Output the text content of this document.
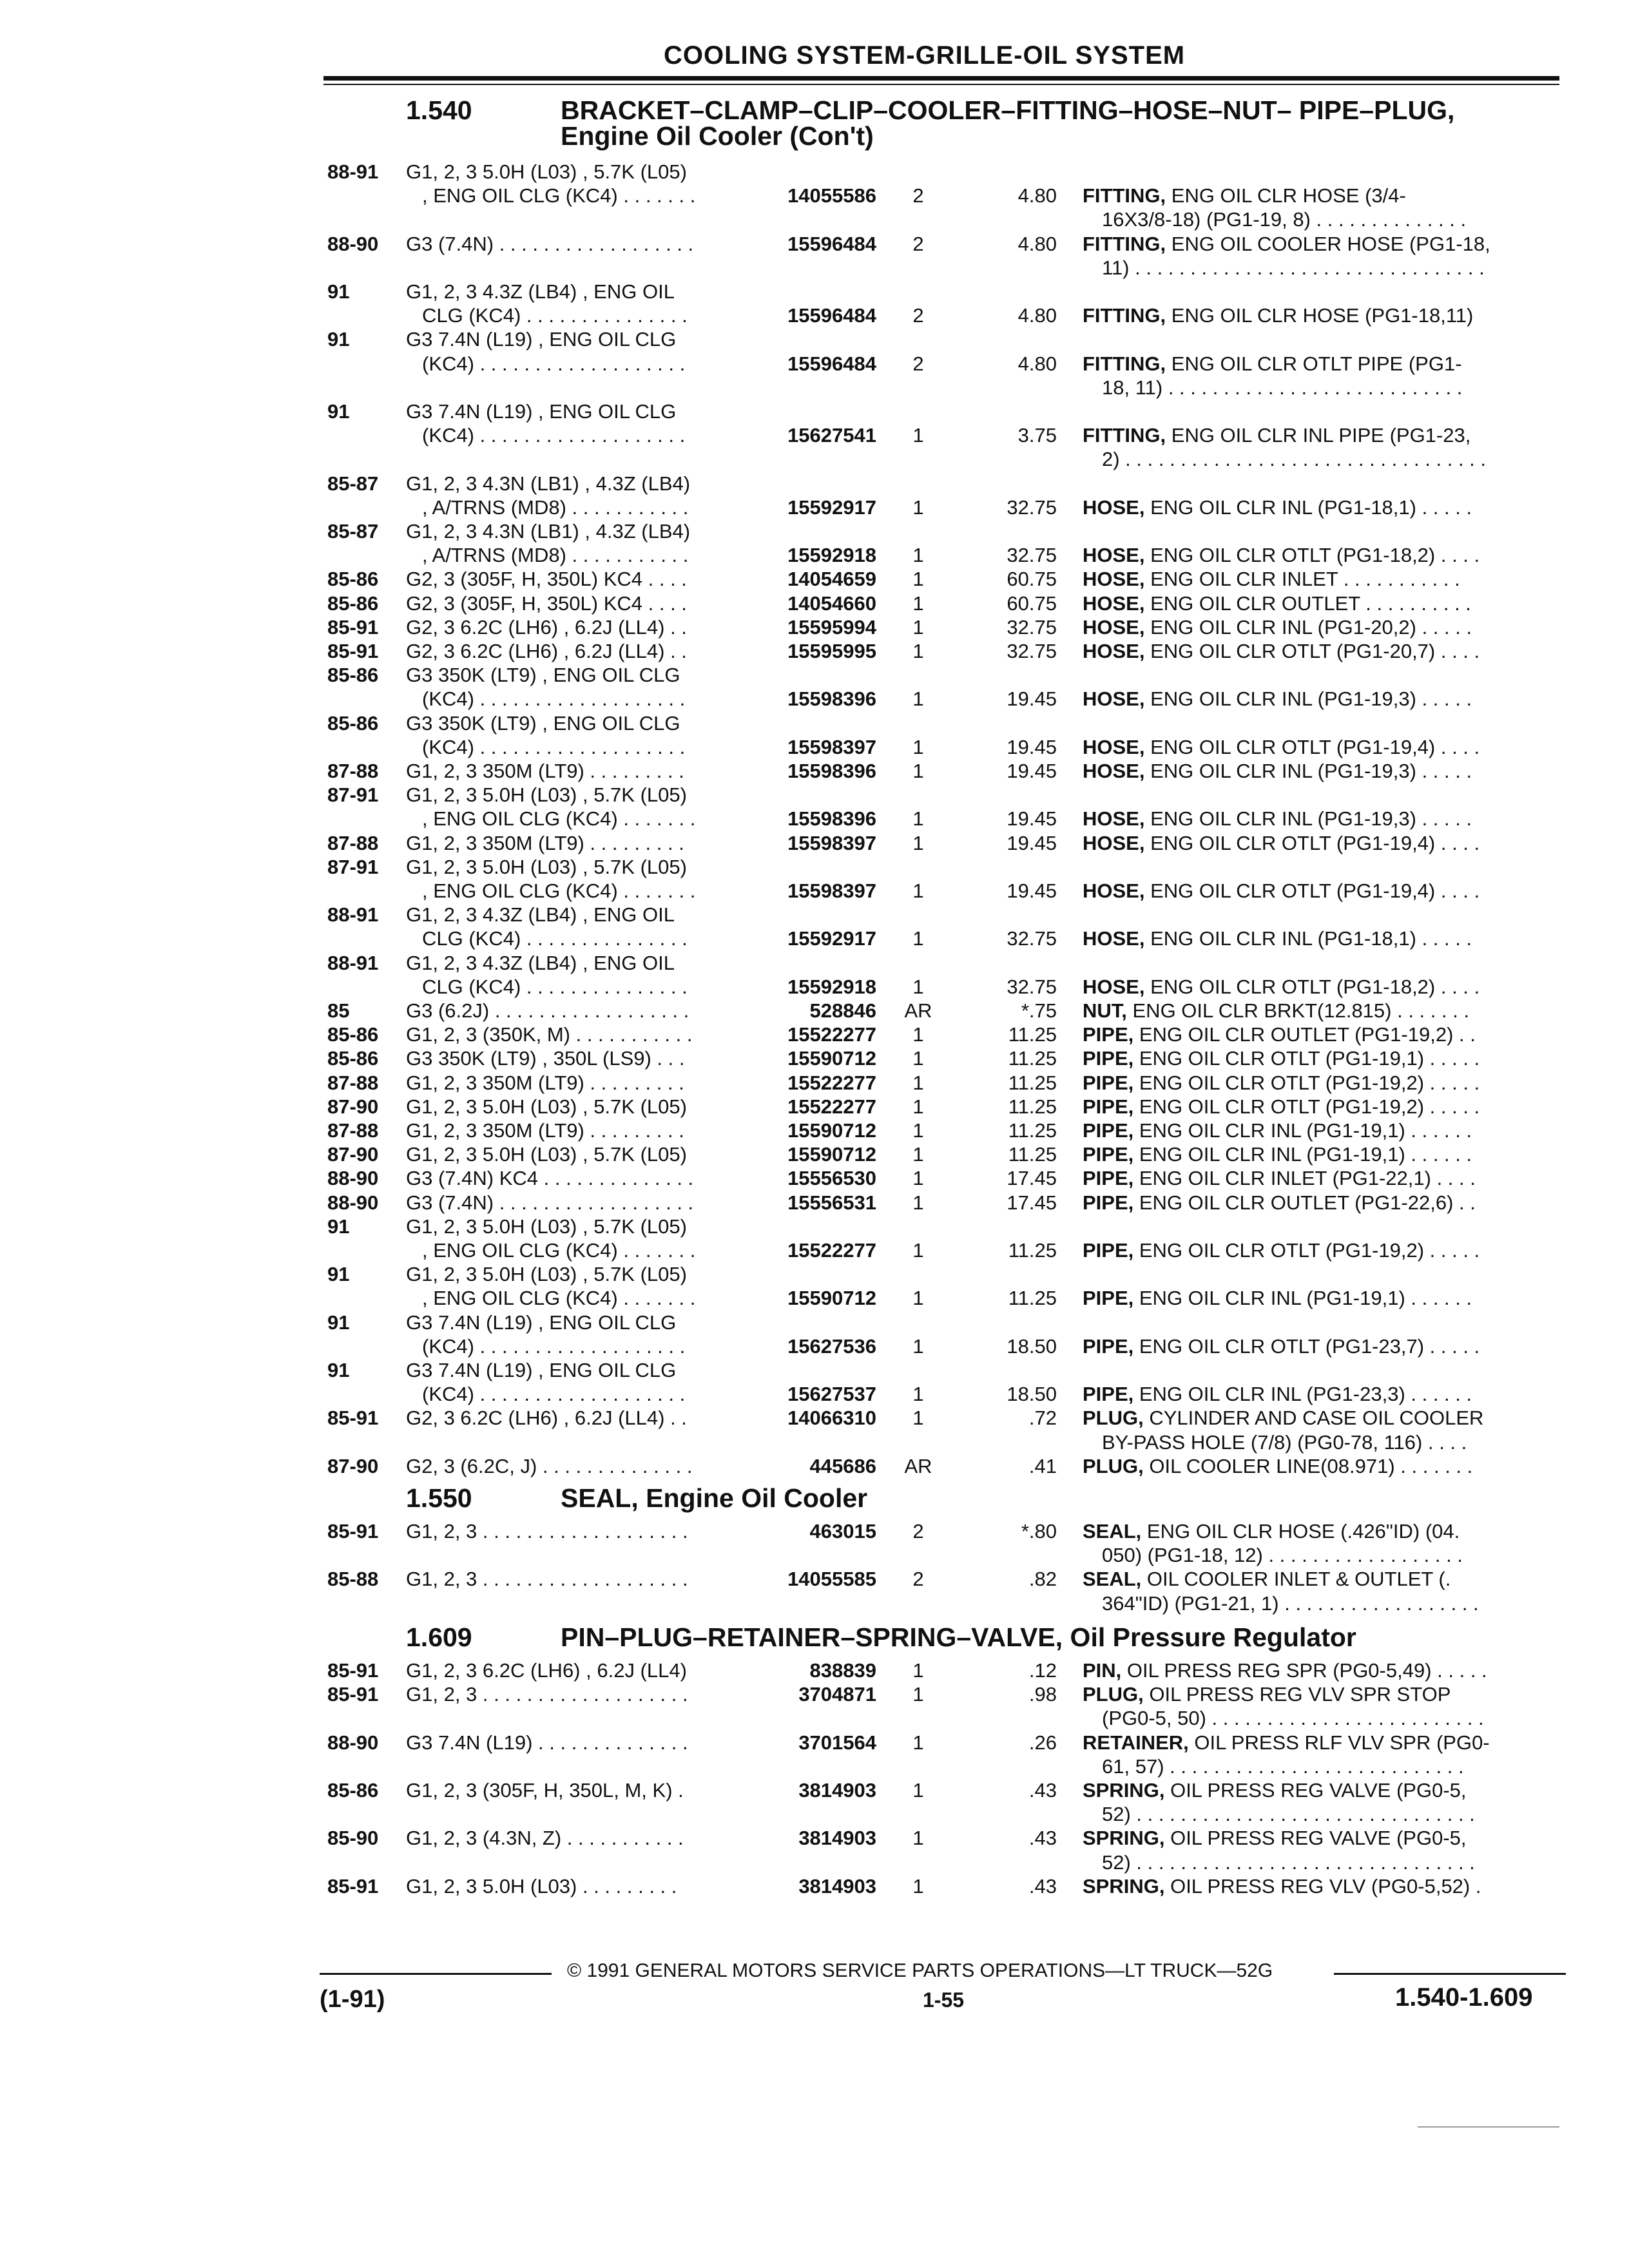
COOLING SYSTEM-GRILLE-OIL SYSTEM
1.540	BRACKET–CLAMP–CLIP–COOLER–FITTING–HOSE–NUT– PIPE–PLUG,
Engine Oil Cooler (Con't)
88-91 G1, 2, 3 5.0H (L03) , 5.7K (L05)
, ENG OIL CLG (KC4) . . . . . . .	14055586	2	4.80 FITTING, ENG OIL CLR HOSE (3/4-
16X3/8-18) (PG1-19, 8) . . . . . . . . . . . . . .
88-90 G3 (7.4N) . . . . . . . . . . . . . . . . . .	15596484	2	4.80 FITTING, ENG OIL COOLER HOSE (PG1-18,
11) . . . . . . . . . . . . . . . . . . . . . . . . . . . . . . . .
91	G1, 2, 3 4.3Z (LB4) , ENG OIL
CLG (KC4) . . . . . . . . . . . . . . .	15596484	2	4.80 FITTING, ENG OIL CLR HOSE (PG1-18,11)
91	G3 7.4N (L19) , ENG OIL CLG
(KC4) . . . . . . . . . . . . . . . . . . .	15596484	2	4.80 FITTING, ENG OIL CLR OTLT PIPE (PG1-
18, 11) . . . . . . . . . . . . . . . . . . . . . . . . . . .
91	G3 7.4N (L19) , ENG OIL CLG
(KC4) . . . . . . . . . . . . . . . . . . .	15627541	1	3.75 FITTING, ENG OIL CLR INL PIPE (PG1-23,
2) . . . . . . . . . . . . . . . . . . . . . . . . . . . . . . . . .
85-87 G1, 2, 3 4.3N (LB1) , 4.3Z (LB4)
, A/TRNS (MD8) . . . . . . . . . . .	15592917	1	32.75 HOSE, ENG OIL CLR INL (PG1-18,1) . . . . .
85-87 G1, 2, 3 4.3N (LB1) , 4.3Z (LB4)
, A/TRNS (MD8) . . . . . . . . . . .	15592918	1	32.75 HOSE, ENG OIL CLR OTLT (PG1-18,2) . . . .
85-86 G2, 3 (305F, H, 350L) KC4 . . . .	14054659	1	60.75 HOSE, ENG OIL CLR INLET . . . . . . . . . . .
85-86 G2, 3 (305F, H, 350L) KC4 . . . .	14054660	1	60.75 HOSE, ENG OIL CLR OUTLET . . . . . . . . . .
85-91 G2, 3 6.2C (LH6) , 6.2J (LL4) . .	15595994	1	32.75 HOSE, ENG OIL CLR INL (PG1-20,2) . . . . .
85-91 G2, 3 6.2C (LH6) , 6.2J (LL4) . .	15595995	1	32.75 HOSE, ENG OIL CLR OTLT (PG1-20,7) . . . .
85-86 G3 350K (LT9) , ENG OIL CLG
(KC4) . . . . . . . . . . . . . . . . . . .	15598396	1	19.45 HOSE, ENG OIL CLR INL (PG1-19,3) . . . . .
85-86 G3 350K (LT9) , ENG OIL CLG
(KC4) . . . . . . . . . . . . . . . . . . .	15598397	1	19.45 HOSE, ENG OIL CLR OTLT (PG1-19,4) . . . .
87-88 G1, 2, 3 350M (LT9) . . . . . . . . .	15598396	1	19.45 HOSE, ENG OIL CLR INL (PG1-19,3) . . . . .
87-91 G1, 2, 3 5.0H (L03) , 5.7K (L05)
, ENG OIL CLG (KC4) . . . . . . .	15598396	1	19.45 HOSE, ENG OIL CLR INL (PG1-19,3) . . . . .
87-88 G1, 2, 3 350M (LT9) . . . . . . . . .	15598397	1	19.45 HOSE, ENG OIL CLR OTLT (PG1-19,4) . . . .
87-91 G1, 2, 3 5.0H (L03) , 5.7K (L05)
, ENG OIL CLG (KC4) . . . . . . .	15598397	1	19.45 HOSE, ENG OIL CLR OTLT (PG1-19,4) . . . .
88-91 G1, 2, 3 4.3Z (LB4) , ENG OIL
CLG (KC4) . . . . . . . . . . . . . . .	15592917	1	32.75 HOSE, ENG OIL CLR INL (PG1-18,1) . . . . .
88-91 G1, 2, 3 4.3Z (LB4) , ENG OIL
CLG (KC4) . . . . . . . . . . . . . . .	15592918	1	32.75 HOSE, ENG OIL CLR OTLT (PG1-18,2) . . . .
85	G3 (6.2J) . . . . . . . . . . . . . . . . . .	528846 AR	*.75 NUT, ENG OIL CLR BRKT(12.815) . . . . . . .
85-86 G1, 2, 3 (350K, M) . . . . . . . . . . .	15522277	1	11.25 PIPE, ENG OIL CLR OUTLET (PG1-19,2) . .
85-86 G3 350K (LT9) , 350L (LS9) . . .	15590712	1	11.25 PIPE, ENG OIL CLR OTLT (PG1-19,1) . . . . .
87-88 G1, 2, 3 350M (LT9) . . . . . . . . .	15522277	1	11.25 PIPE, ENG OIL CLR OTLT (PG1-19,2) . . . . .
87-90 G1, 2, 3 5.0H (L03) , 5.7K (L05)	15522277	1	11.25 PIPE, ENG OIL CLR OTLT (PG1-19,2) . . . . .
87-88 G1, 2, 3 350M (LT9) . . . . . . . . .	15590712	1	11.25 PIPE, ENG OIL CLR INL (PG1-19,1) . . . . . .
87-90 G1, 2, 3 5.0H (L03) , 5.7K (L05)	15590712	1	11.25 PIPE, ENG OIL CLR INL (PG1-19,1) . . . . . .
88-90 G3 (7.4N) KC4 . . . . . . . . . . . . . .	15556530	1	17.45 PIPE, ENG OIL CLR INLET (PG1-22,1) . . . .
88-90 G3 (7.4N) . . . . . . . . . . . . . . . . . .	15556531	1	17.45 PIPE, ENG OIL CLR OUTLET (PG1-22,6) . .
91	G1, 2, 3 5.0H (L03) , 5.7K (L05)
, ENG OIL CLG (KC4) . . . . . . .	15522277	1	11.25 PIPE, ENG OIL CLR OTLT (PG1-19,2) . . . . .
91	G1, 2, 3 5.0H (L03) , 5.7K (L05)
, ENG OIL CLG (KC4) . . . . . . .	15590712	1	11.25 PIPE, ENG OIL CLR INL (PG1-19,1) . . . . . .
91	G3 7.4N (L19) , ENG OIL CLG
(KC4) . . . . . . . . . . . . . . . . . . .	15627536	1	18.50 PIPE, ENG OIL CLR OTLT (PG1-23,7) . . . . .
91	G3 7.4N (L19) , ENG OIL CLG
(KC4) . . . . . . . . . . . . . . . . . . .	15627537	1	18.50 PIPE, ENG OIL CLR INL (PG1-23,3) . . . . . .
85-91 G2, 3 6.2C (LH6) , 6.2J (LL4) . .	14066310	1	.72 PLUG, CYLINDER AND CASE OIL COOLER
BY-PASS HOLE (7/8) (PG0-78, 116) . . . .
87-90 G2, 3 (6.2C, J) . . . . . . . . . . . . . .	445686 AR	.41 PLUG, OIL COOLER LINE(08.971) . . . . . . .
1.550	SEAL, Engine Oil Cooler
85-91 G1, 2, 3 . . . . . . . . . . . . . . . . . . .	463015	2	*.80 SEAL, ENG OIL CLR HOSE (.426"ID) (04.
050) (PG1-18, 12) . . . . . . . . . . . . . . . . . .
85-88 G1, 2, 3 . . . . . . . . . . . . . . . . . . .	14055585	2	.82 SEAL, OIL COOLER INLET & OUTLET (.
364"ID) (PG1-21, 1) . . . . . . . . . . . . . . . . . .
1.609	PIN–PLUG–RETAINER–SPRING–VALVE, Oil Pressure Regulator
85-91 G1, 2, 3 6.2C (LH6) , 6.2J (LL4)	838839	1	.12 PIN, OIL PRESS REG SPR (PG0-5,49) . . . . .
85-91 G1, 2, 3 . . . . . . . . . . . . . . . . . . .	3704871	1	.98 PLUG, OIL PRESS REG VLV SPR STOP
(PG0-5, 50) . . . . . . . . . . . . . . . . . . . . . . . . .
88-90 G3 7.4N (L19) . . . . . . . . . . . . . .	3701564	1	.26 RETAINER, OIL PRESS RLF VLV SPR (PG0-
61, 57) . . . . . . . . . . . . . . . . . . . . . . . . . . .
85-86 G1, 2, 3 (305F, H, 350L, M, K) .	3814903	1	.43 SPRING, OIL PRESS REG VALVE (PG0-5,
52) . . . . . . . . . . . . . . . . . . . . . . . . . . . . . . .
85-90 G1, 2, 3 (4.3N, Z) . . . . . . . . . . .	3814903	1	.43 SPRING, OIL PRESS REG VALVE (PG0-5,
52) . . . . . . . . . . . . . . . . . . . . . . . . . . . . . . .
85-91 G1, 2, 3 5.0H (L03) . . . . . . . . .	3814903	1	.43 SPRING, OIL PRESS REG VLV (PG0-5,52) .
© 1991 GENERAL MOTORS SERVICE PARTS OPERATIONS—LT TRUCK—52G
(1-91)	1-55	1.540-1.609
